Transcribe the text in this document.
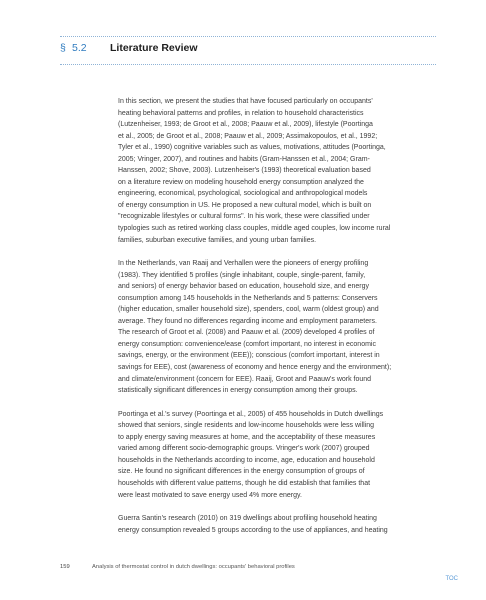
§ 5.2	Literature Review

In this section, we present the studies that have focused particularly on occupants'
heating behavioral patterns and profiles, in relation to household characteristics
(Lutzenheiser, 1993; de Groot et al., 2008; Paauw et al., 2009), lifestyle (Poortinga
et al., 2005; de Groot et al., 2008; Paauw et al., 2009; Assimakopoulos, et al., 1992;
Tyler et al., 1990) cognitive variables such as values, motivations, attitudes (Poortinga,
2005; Vringer, 2007), and routines and habits (Gram-Hanssen et al., 2004; Gram-
Hanssen, 2002; Shove, 2003). Lutzenheiser's (1993) theoretical evaluation based
on a literature review on modeling household energy consumption analyzed the
engineering, economical, psychological, sociological and anthropological models
of energy consumption in US. He proposed a new cultural model, which is built on
"recognizable lifestyles or cultural forms". In his work, these were classified under
typologies such as retired working class couples, middle aged couples, low income rural
families, suburban executive families, and young urban families.

In the Netherlands, van Raaij and Verhallen were the pioneers of energy profiling
(1983). They identified 5 profiles (single inhabitant, couple, single-parent, family,
and seniors) of energy behavior based on education, household size, and energy
consumption among 145 households in the Netherlands and 5 patterns: Conservers
(higher education, smaller household size), spenders, cool, warm (oldest group) and
average. They found no differences regarding income and employment parameters.
The research of Groot et al. (2008) and Paauw et al. (2009) developed 4 profiles of
energy consumption: convenience/ease (comfort important, no interest in economic
savings, energy, or the environment (EEE)); conscious (comfort important, interest in
savings for EEE), cost (awareness of economy and hence energy and the environment);
and climate/environment (concern for EEE). Raaij, Groot and Paauw's work found
statistically significant differences in energy consumption among their groups.

Poortinga et al.'s survey (Poortinga et al., 2005) of 455 households in Dutch dwellings
showed that seniors, single residents and low-income households were less willing
to apply energy saving measures at home, and the acceptability of these measures
varied among different socio-demographic groups. Vringer's work (2007) grouped
households in the Netherlands according to income, age, education and household
size. He found no significant differences in the energy consumption of groups of
households with different value patterns, though he did establish that families that
were least motivated to save energy used 4% more energy.

Guerra Santin's research (2010) on 319 dwellings about profiling household heating
energy consumption revealed 5 groups according to the use of appliances, and heating

159	Analysis of thermostat control in dutch dwellings: occupants' behavioral profiles
TOC
